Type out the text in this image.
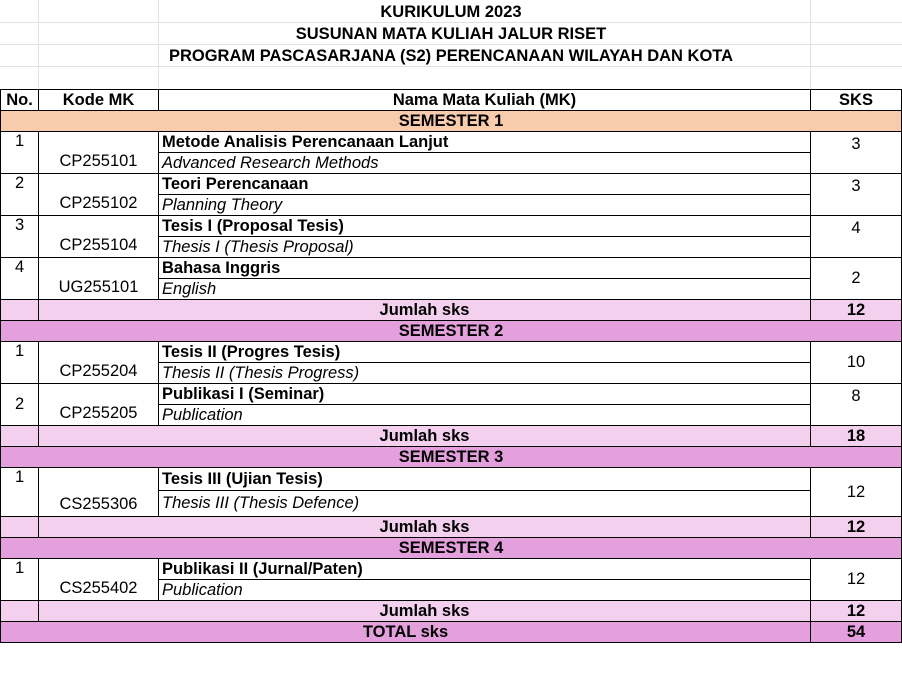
KURIKULUM 2023
SUSUNAN MATA KULIAH JALUR RISET
PROGRAM PASCASARJANA (S2) PERENCANAAN WILAYAH DAN KOTA
No.	Kode MK	Nama Mata Kuliah (MK)	SKS
SEMESTER 1			
1	CP255101	Metode Analisis Perencanaan Lanjut	3
		Advanced Research Methods	
2	CP255102	Teori Perencanaan	3
		Planning Theory	
3	CP255104	Tesis I (Proposal Tesis)	4
		Thesis I (Thesis Proposal)	
4	UG255101	Bahasa Inggris	2
		English	
	Jumlah sks		12
SEMESTER 2			
1	CP255204	Tesis II (Progres Tesis)	10
		Thesis II (Thesis Progress)	
2	CP255205	Publikasi I (Seminar)	8
		Publication	
	Jumlah sks		18
SEMESTER 3			
1	CS255306	Tesis III (Ujian Tesis)	12
		Thesis III (Thesis Defence)	
	Jumlah sks		12
SEMESTER 4			
1	CS255402	Publikasi II (Jurnal/Paten)	12
		Publication	
	Jumlah sks		12
TOTAL sks			54
